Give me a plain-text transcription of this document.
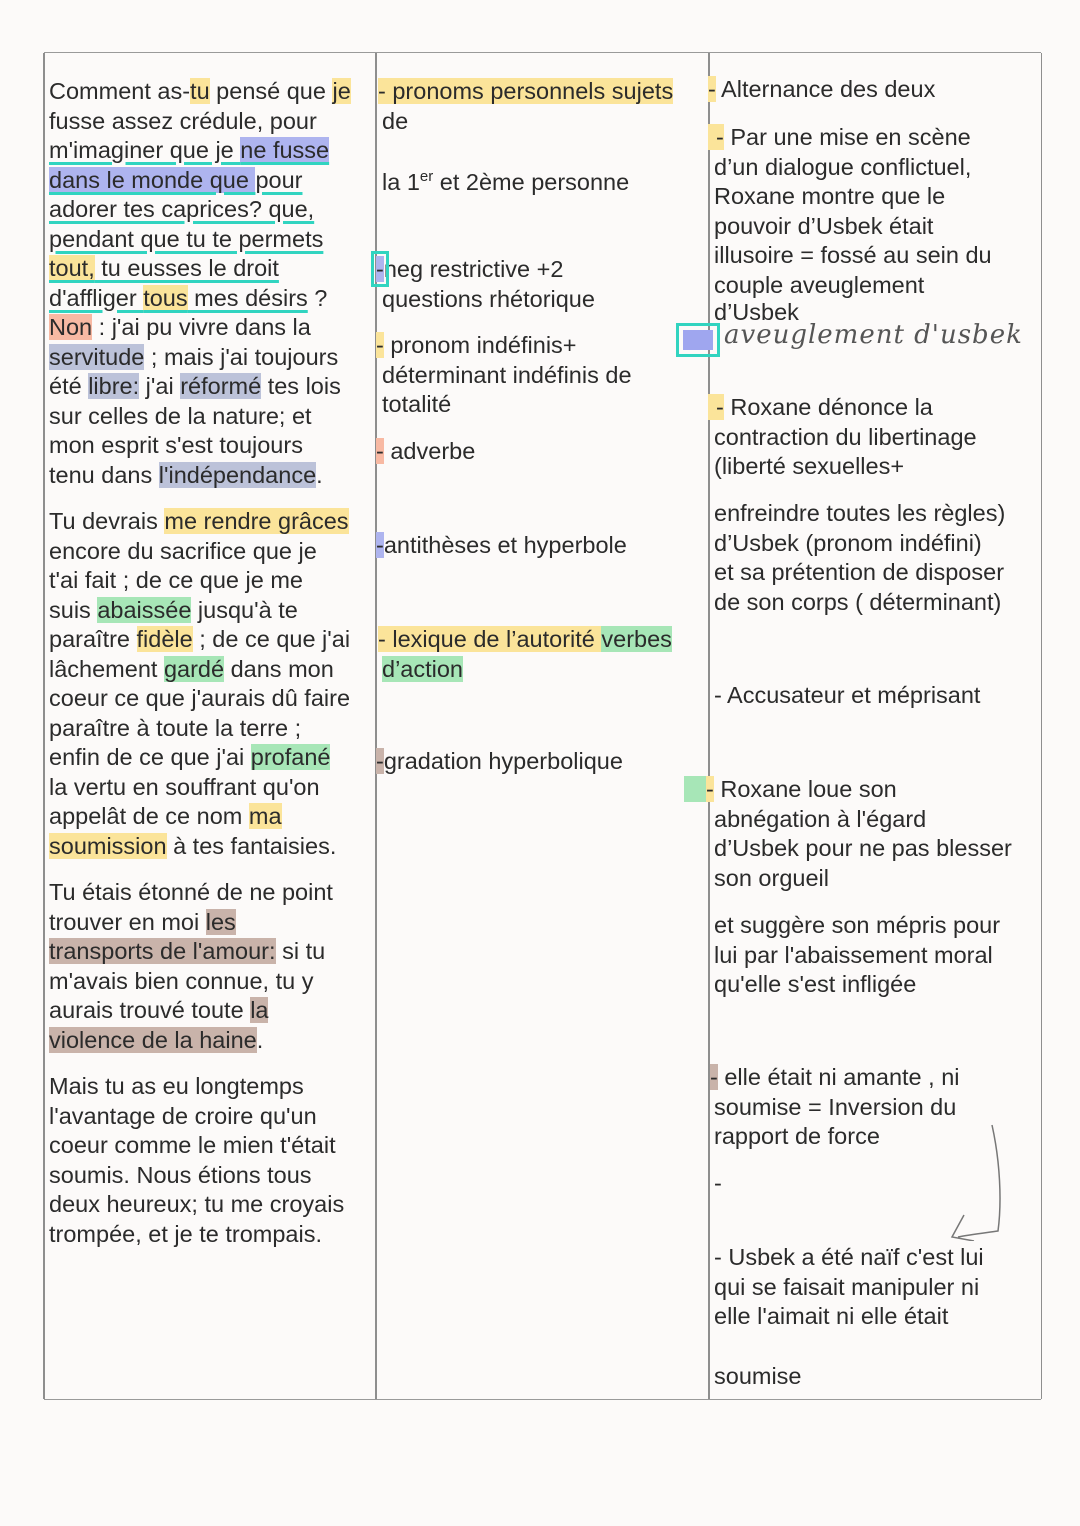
Comment as-tu pensé que je
fusse assez crédule, pour
m'imaginer que je ne fusse
dans le monde que pour
adorer tes caprices? que,
pendant que tu te permets
tout, tu eusses le droit
d'affliger tous mes désirs ?
Non : j'ai pu vivre dans la
servitude ; mais j'ai toujours
été libre: j'ai réformé tes lois
sur celles de la nature; et
mon esprit s'est toujours
tenu dans l'indépendance.
Tu devrais me rendre grâces
encore du sacrifice que je
t'ai fait ; de ce que je me
suis abaissée jusqu'à te
paraître fidèle ; de ce que j'ai
lâchement gardé dans mon
coeur ce que j'aurais dû faire
paraître à toute la terre ;
enfin de ce que j'ai profané
la vertu en souffrant qu'on
appelât de ce nom ma
soumission à tes fantaisies.
Tu étais étonné de ne point
trouver en moi les
transports de l'amour: si tu
m'avais bien connue, tu y
aurais trouvé toute la
violence de la haine.
Mais tu as eu longtemps
l'avantage de croire qu'un
coeur comme le mien t'était
soumis. Nous étions tous
deux heureux; tu me croyais
trompée, et je te trompais.
- pronoms personnels sujets
de
la 1er et 2ème personne
-neg restrictive +2
questions rhétorique
- pronom indéfinis+
déterminant indéfinis de
totalité
- adverbe
-antithèses et hyperbole
- lexique de l’autorité verbes
d’action
-gradation hyperbolique
- Alternance des deux
- Par une mise en scène
d’un dialogue conflictuel,
Roxane montre que le
pouvoir d’Usbek était
illusoire = fossé au sein du
couple aveuglement
d’Usbek
aveuglement d'usbek
- Roxane dénonce la
contraction du libertinage
(liberté sexuelles+
enfreindre toutes les règles)
d’Usbek (pronom indéfini)
et sa prétention de disposer
de son corps ( déterminant)
- Accusateur et méprisant
- Roxane loue son
abnégation à l'égard
d’Usbek pour ne pas blesser
son orgueil
et suggère son mépris pour
lui par l'abaissement moral
qu'elle s'est infligée
- elle était ni amante , ni
soumise = Inversion du
rapport de force
-
- Usbek a été naïf c'est lui
qui se faisait manipuler ni
elle l'aimait ni elle était
soumise
